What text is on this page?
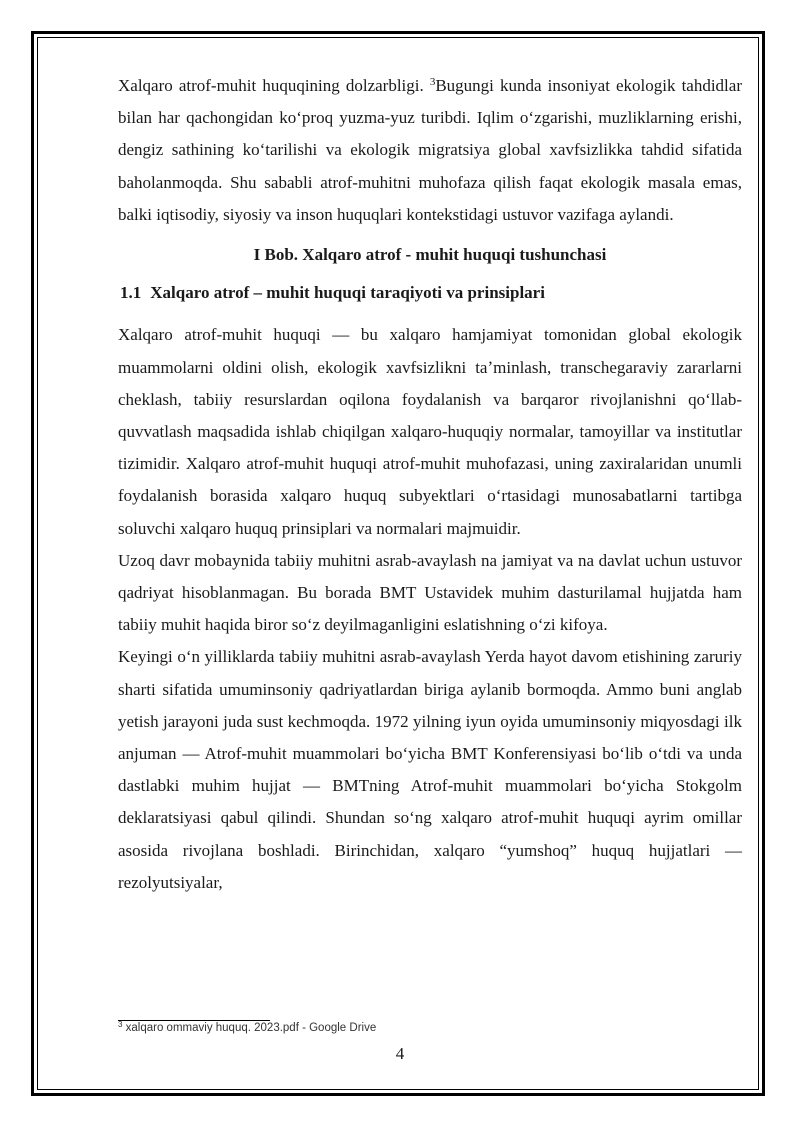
Xalqaro atrof-muhit huquqining dolzarbligi. $^3$Bugungi kunda insoniyat ekologik tahdidlar bilan har qachongidan koʻproq yuzma-yuz turibdi. Iqlim oʻzgarishi, muzliklarning erishi, dengiz sathining koʻtarilishi va ekologik migratsiya global xavfsizlikka tahdid sifatida baholanmoqda. Shu sababli atrof-muhitni muhofaza qilish faqat ekologik masala emas, balki iqtisodiy, siyosiy va inson huquqlari kontekstidagi ustuvor vazifaga aylandi.

I Bob. Xalqaro atrof - muhit huquqi tushunchasi
1.1 Xalqaro atrof – muhit huquqi taraqiyoti va prinsiplari

Xalqaro atrof-muhit huquqi — bu xalqaro hamjamiyat tomonidan global ekologik muammolarni oldini olish, ekologik xavfsizlikni taʼminlash, transchegaraviy zararlarni cheklash, tabiiy resurslardan oqilona foydalanish va barqaror rivojlanishni qoʻllab-quvvatlash maqsadida ishlab chiqilgan xalqaro-huquqiy normalar, tamoyillar va institutlar tizimidir. Xalqaro atrof-muhit huquqi atrof-muhit muhofazasi, uning zaxiralaridan unumli foydalanish borasida xalqaro huquq subyektlari oʻrtasidagi munosabatlarni tartibga soluvchi xalqaro huquq prinsiplari va normalari majmuidir.

Uzoq davr mobaynida tabiiy muhitni asrab-avaylash na jamiyat va na davlat uchun ustuvor qadriyat hisoblanmagan. Bu borada BMT Ustavidek muhim dasturilamal hujjatda ham tabiiy muhit haqida biror soʻz deyilmaganligini eslatishning oʻzi kifoya.

Keyingi oʻn yilliklarda tabiiy muhitni asrab-avaylash Yerda hayot davom etishining zaruriy sharti sifatida umuminsoniy qadriyatlardan biriga aylanib bormoqda. Ammo buni anglab yetish jarayoni juda sust kechmoqda. 1972 yilning iyun oyida umuminsoniy miqyosdagi ilk anjuman — Atrof-muhit muammolari boʻyicha BMT Konferensiyasi boʻlib oʻtdi va unda dastlabki muhim hujjat — BMTning Atrof-muhit muammolari boʻyicha Stokgolm deklaratsiyasi qabul qilindi. Shundan soʻng xalqaro atrof-muhit huquqi ayrim omillar asosida rivojlana boshladi. Birinchidan, xalqaro “yumshoq” huquq hujjatlari — rezolyutsiyalar,

$^3$ xalqaro ommaviy huquq. 2023.pdf - Google Drive
4
